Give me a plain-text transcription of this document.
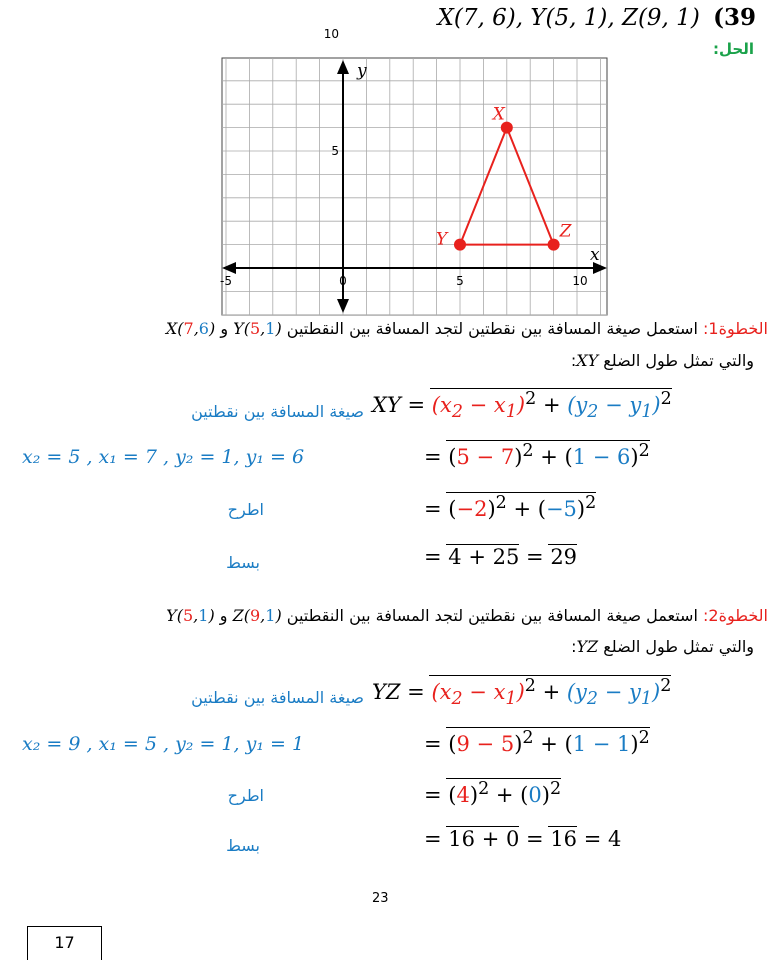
X(7, 6), Y(5, 1), Z(9, 1) (39
الحل:
-5	0	5	10
10
5
x
y
X
Y	Z
الخطوة1: استعمل صيغة المسافة بين نقطتين لتجد المسافة بين النقطتين Y(5,1) و X(7,6)
والتي تمثل طول الضلع XY:
صيغة المسافة بين نقطتين XY = $(x_2 - x_1)^2 + (y_2 - y_1)^2$
x₂ = 5 , x₁ = 7 , y₂ = 1, y₁ = 6	= $(5 - 7)^2 + (1 - 6)^2$
اطرح	= $(-2)^2 + (-5)^2$
بسط	= 4 + 25 = 29
الخطوة2: استعمل صيغة المسافة بين نقطتين لتجد المسافة بين النقطتين Z(9,1) و Y(5,1)
والتي تمثل طول الضلع YZ:
صيغة المسافة بين نقطتين YZ = $(x_2 - x_1)^2 + (y_2 - y_1)^2$
x₂ = 9 , x₁ = 5 , y₂ = 1, y₁ = 1	= $(9 - 5)^2 + (1 - 1)^2$
اطرح	= $(4)^2 + (0)^2$
بسط	= 16 + 0 = 16 = 4
23
17
